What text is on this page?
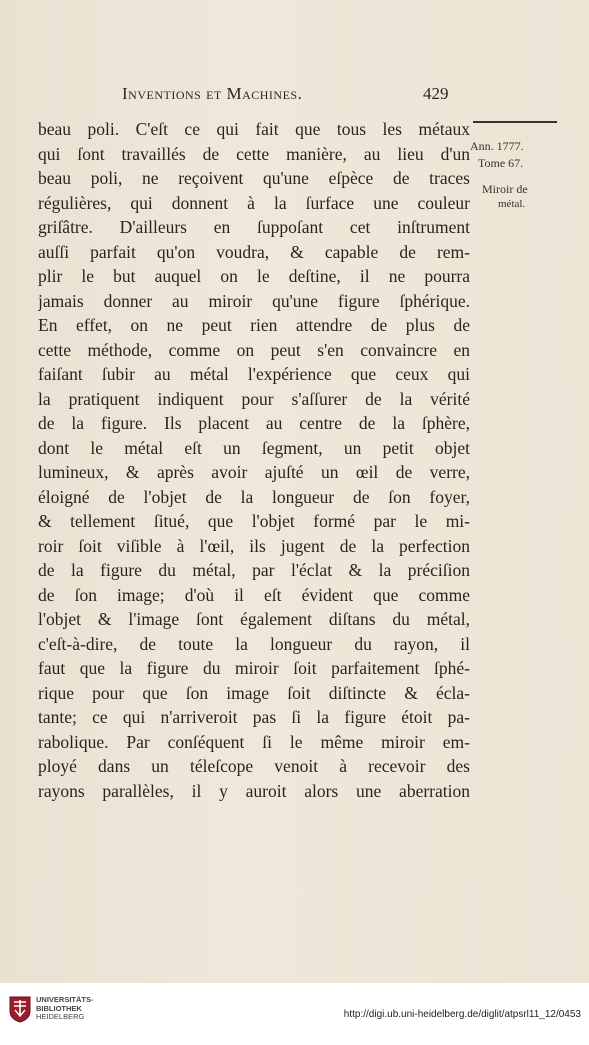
Inventions et Machines.	429
beau poli. C'eſt ce qui fait que tous les métaux
qui ſont travaillés de cette manière, au lieu d'un
beau poli, ne reçoivent qu'une eſpèce de traces
régulières, qui donnent à la ſurface une couleur
griſâtre. D'ailleurs en ſuppoſant cet inſtrument
auſſi parfait qu'on voudra, & capable de rem-
plir le but auquel on le deſtine, il ne pourra
jamais donner au miroir qu'une figure ſphérique.
En effet, on ne peut rien attendre de plus de
cette méthode, comme on peut s'en convaincre en
faiſant ſubir au métal l'expérience que ceux qui
la pratiquent indiquent pour s'aſſurer de la vérité
de la figure. Ils placent au centre de la ſphère,
dont le métal eſt un ſegment, un petit objet
lumineux, & après avoir ajuſté un œil de verre,
éloigné de l'objet de la longueur de ſon foyer,
& tellement ſitué, que l'objet formé par le mi-
roir ſoit viſible à l'œil, ils jugent de la perfection
de la figure du métal, par l'éclat & la préciſion
de ſon image; d'où il eſt évident que comme
l'objet & l'image ſont également diſtans du métal,
c'eſt-à-dire, de toute la longueur du rayon, il
faut que la figure du miroir ſoit parfaitement ſphé-
rique pour que ſon image ſoit diſtincte & écla-
tante; ce qui n'arriveroit pas ſi la figure étoit pa-
rabolique. Par conſéquent ſi le même miroir em-
ployé dans un téleſcope venoit à recevoir des
rayons parallèles, il y auroit alors une aberration
Ann. 1777.
Tome 67.
Miroir de
métal.
UNIVERSITÄTS-
BIBLIOTHEK
HEIDELBERG	http://digi.ub.uni-heidelberg.de/diglit/atpsrl11_12/0453
